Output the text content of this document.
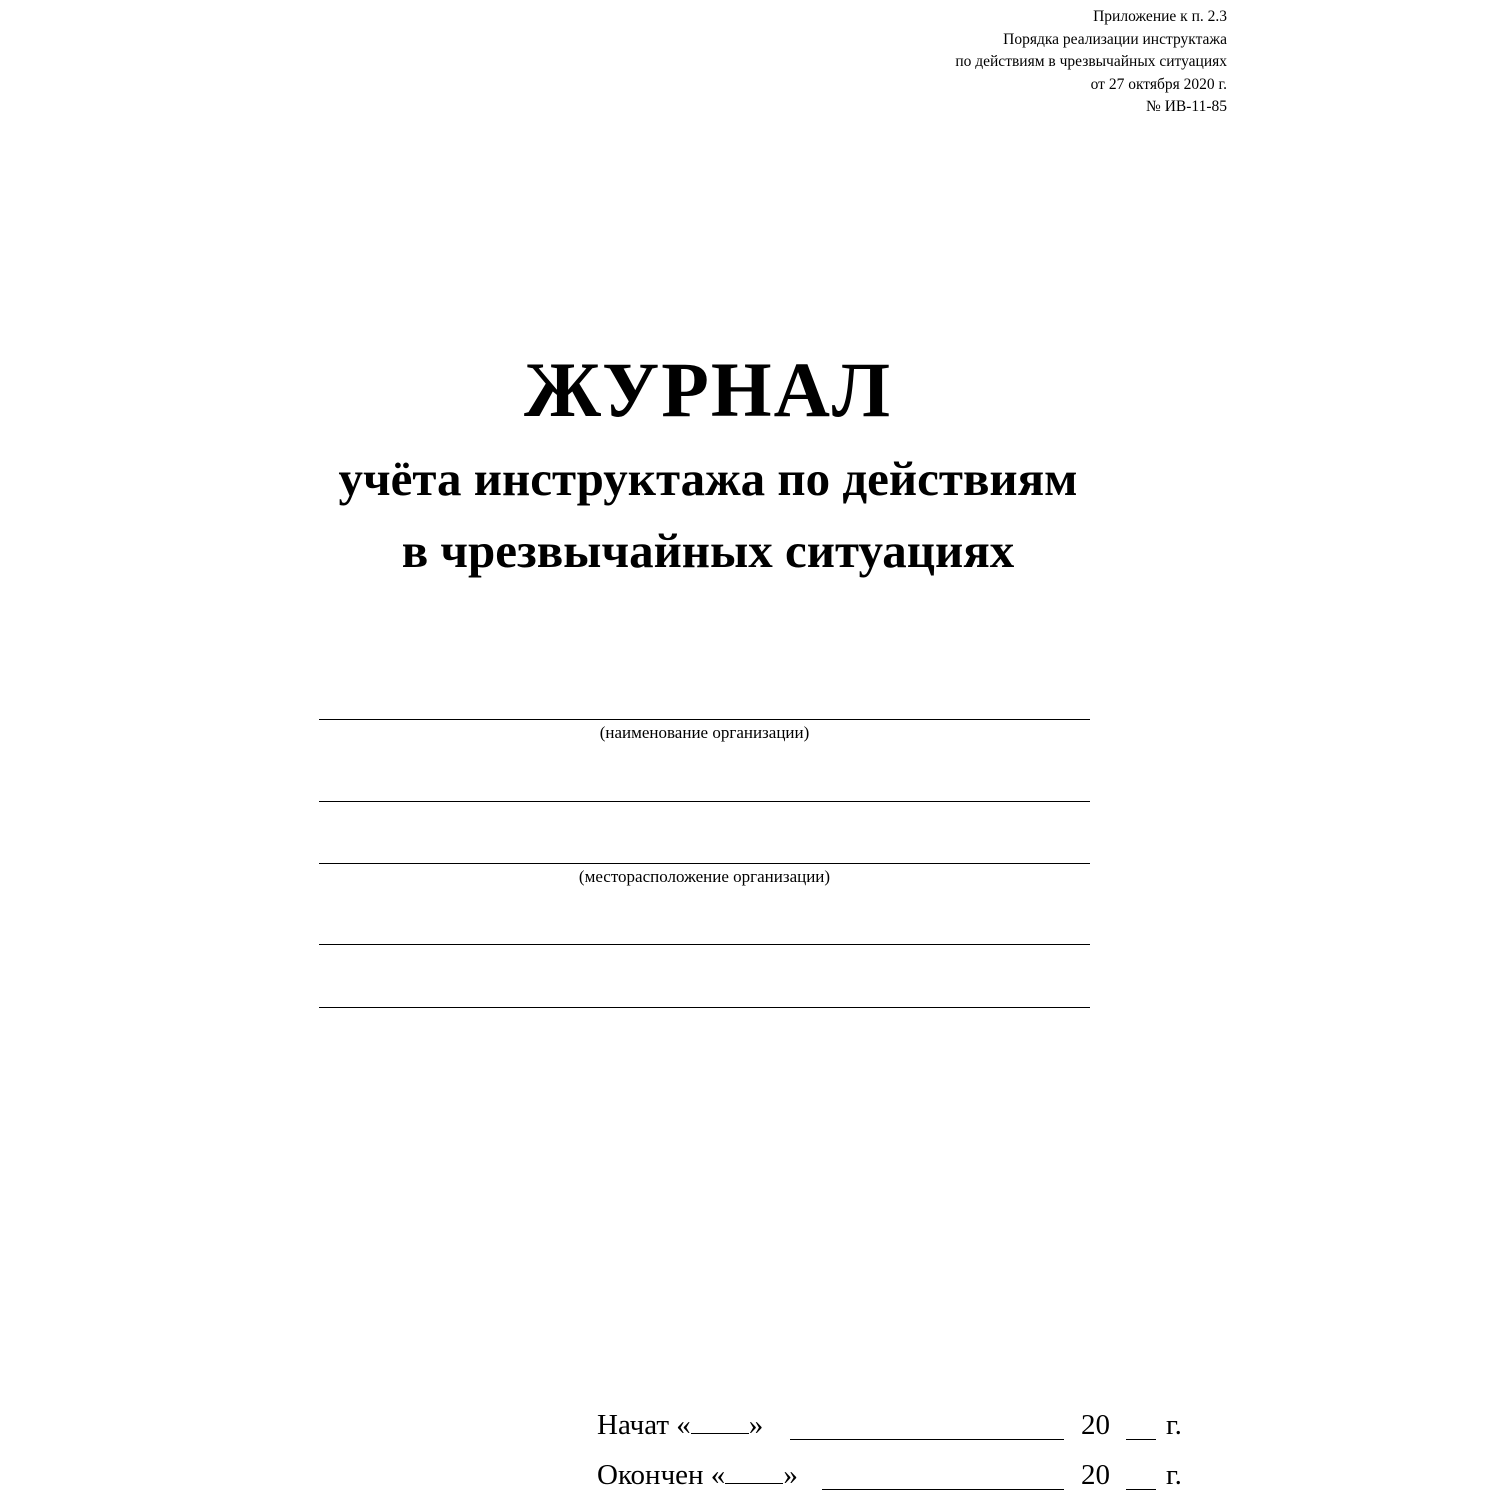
Приложение к п. 2.3
Порядка реализации инструктажа
по действиям в чрезвычайных ситуациях
от 27 октября 2020 г.
№ ИВ-11-85
ЖУРНАЛ
учёта инструктажа по действиям
в чрезвычайных ситуациях
(наименование организации)
(месторасположение организации)
Начат « »	20 г.
Окончен « »	20 г.
